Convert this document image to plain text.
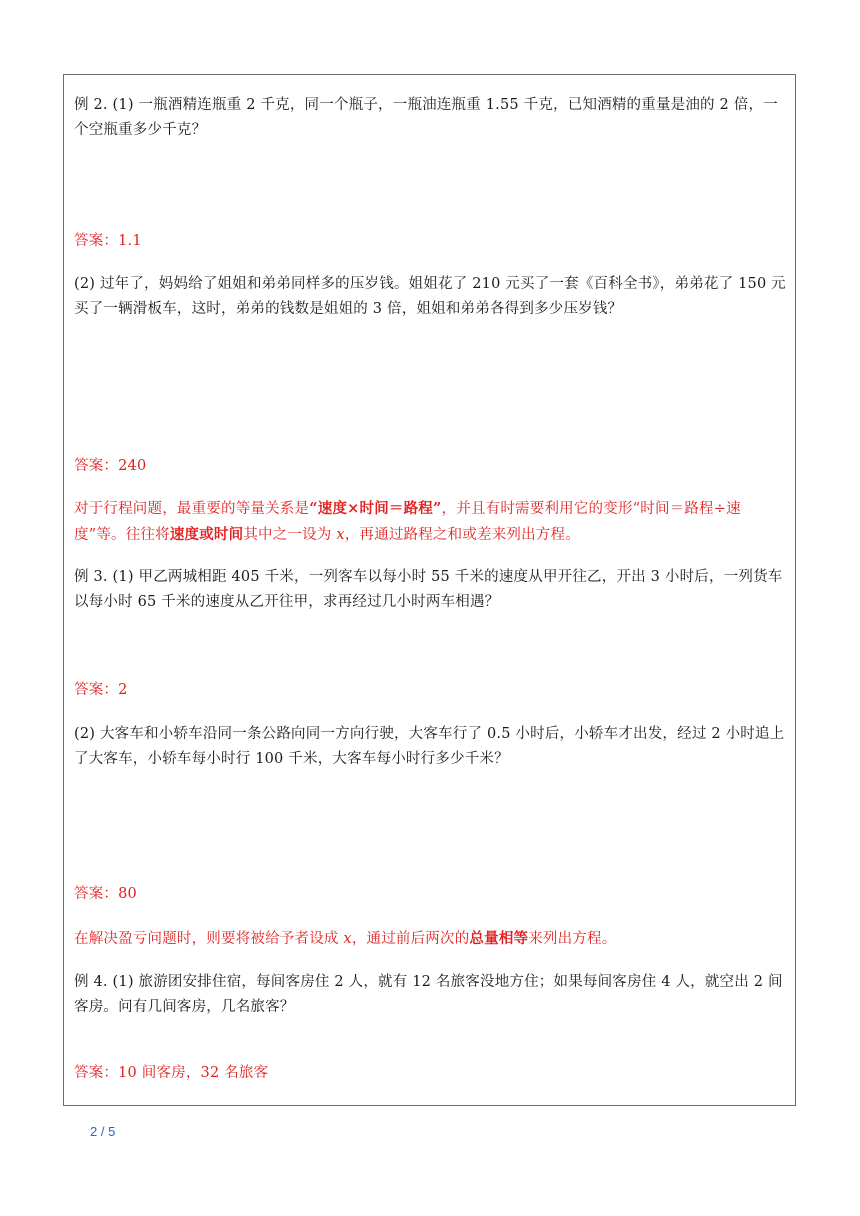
例 2. (1) 一瓶酒精连瓶重 2 千克，同一个瓶子，一瓶油连瓶重 1.55 千克，已知酒精的重量是油的 2 倍，一个空瓶重多少千克？
答案：1.1
(2) 过年了，妈妈给了姐姐和弟弟同样多的压岁钱。姐姐花了 210 元买了一套《百科全书》，弟弟花了 150 元买了一辆滑板车，这时，弟弟的钱数是姐姐的 3 倍，姐姐和弟弟各得到多少压岁钱？
答案：240
对于行程问题，最重要的等量关系是“速度×时间＝路程”，并且有时需要利用它的变形“时间＝路程÷速度”等。往往将速度或时间其中之一设为 x，再通过路程之和或差来列出方程。
例 3. (1) 甲乙两城相距 405 千米，一列客车以每小时 55 千米的速度从甲开往乙，开出 3 小时后，一列货车以每小时 65 千米的速度从乙开往甲，求再经过几小时两车相遇？
答案：2
(2) 大客车和小轿车沿同一条公路向同一方向行驶，大客车行了 0.5 小时后，小轿车才出发，经过 2 小时追上了大客车，小轿车每小时行 100 千米，大客车每小时行多少千米？
答案：80
在解决盈亏问题时，则要将被给予者设成 x，通过前后两次的总量相等来列出方程。
例 4. (1) 旅游团安排住宿，每间客房住 2 人，就有 12 名旅客没地方住；如果每间客房住 4 人，就空出 2 间客房。问有几间客房，几名旅客？
答案：10 间客房，32 名旅客
2 / 5
